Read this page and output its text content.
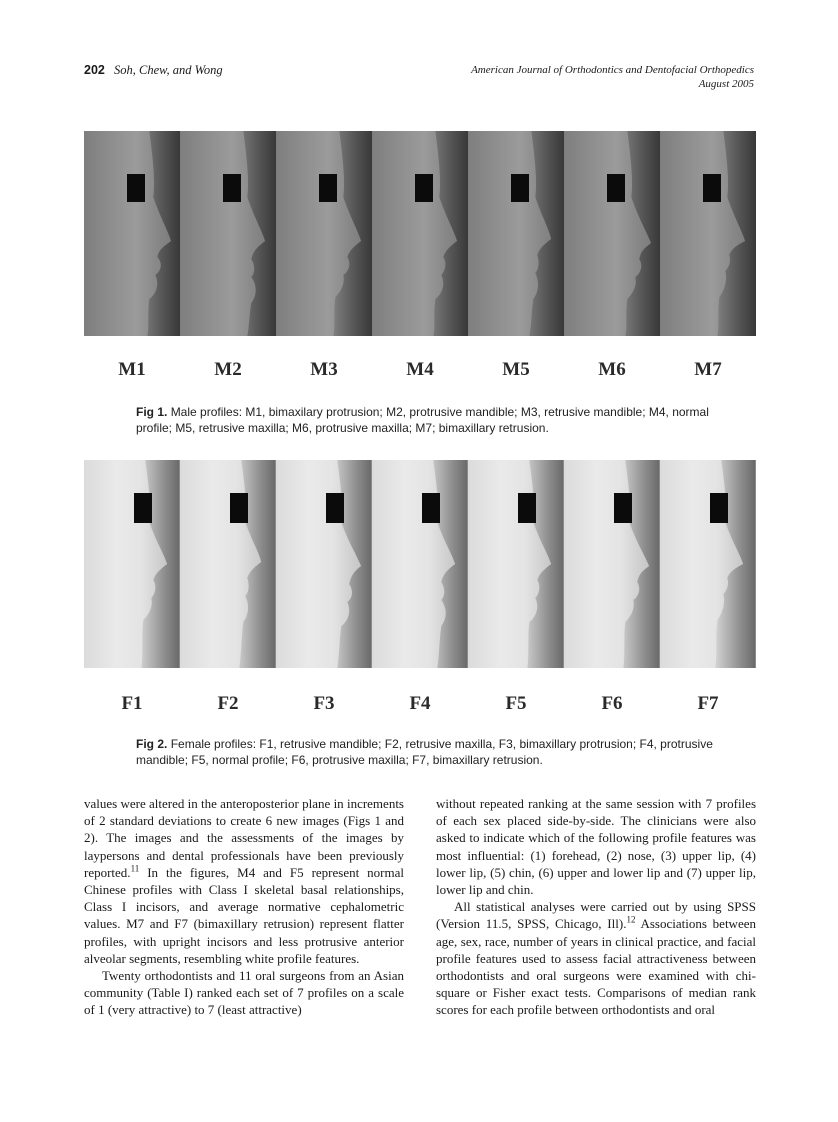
202 Soh, Chew, and Wong	American Journal of Orthodontics and Dentofacial Orthopedics
August 2005
M1	M2	M3	M4	M5	M6	M7
Fig 1. Male profiles: M1, bimaxilary protrusion; M2, protrusive mandible; M3, retrusive mandible; M4, normal profile; M5, retrusive maxilla; M6, protrusive maxilla; M7; bimaxillary retrusion.
F1	F2	F3	F4	F5	F6	F7
Fig 2. Female profiles: F1, retrusive mandible; F2, retrusive maxilla, F3, bimaxillary protrusion; F4, protrusive mandible; F5, normal profile; F6, protrusive maxilla; F7, bimaxillary retrusion.

values were altered in the anteroposterior plane in increments of 2 standard deviations to create 6 new images (Figs 1 and 2). The images and the assessments of the images by laypersons and dental professionals have been previously reported.$^{11}$ In the figures, M4 and F5 represent normal Chinese profiles with Class I skeletal basal relationships, Class I incisors, and average normative cephalometric values. M7 and F7 (bimaxillary retrusion) represent flatter profiles, with upright incisors and less protrusive anterior alveolar segments, resembling white profile features.

Twenty orthodontists and 11 oral surgeons from an Asian community (Table I) ranked each set of 7 profiles on a scale of 1 (very attractive) to 7 (least attractive)

without repeated ranking at the same session with 7 profiles of each sex placed side-by-side. The clinicians were also asked to indicate which of the following profile features was most influential: (1) forehead, (2) nose, (3) upper lip, (4) lower lip, (5) chin, (6) upper and lower lip and (7) upper lip, lower lip and chin.

All statistical analyses were carried out by using SPSS (Version 11.5, SPSS, Chicago, Ill).$^{12}$ Associations between age, sex, race, number of years in clinical practice, and facial profile features used to assess facial attractiveness between orthodontists and oral surgeons were examined with chi-square or Fisher exact tests. Comparisons of median rank scores for each profile between orthodontists and oral
